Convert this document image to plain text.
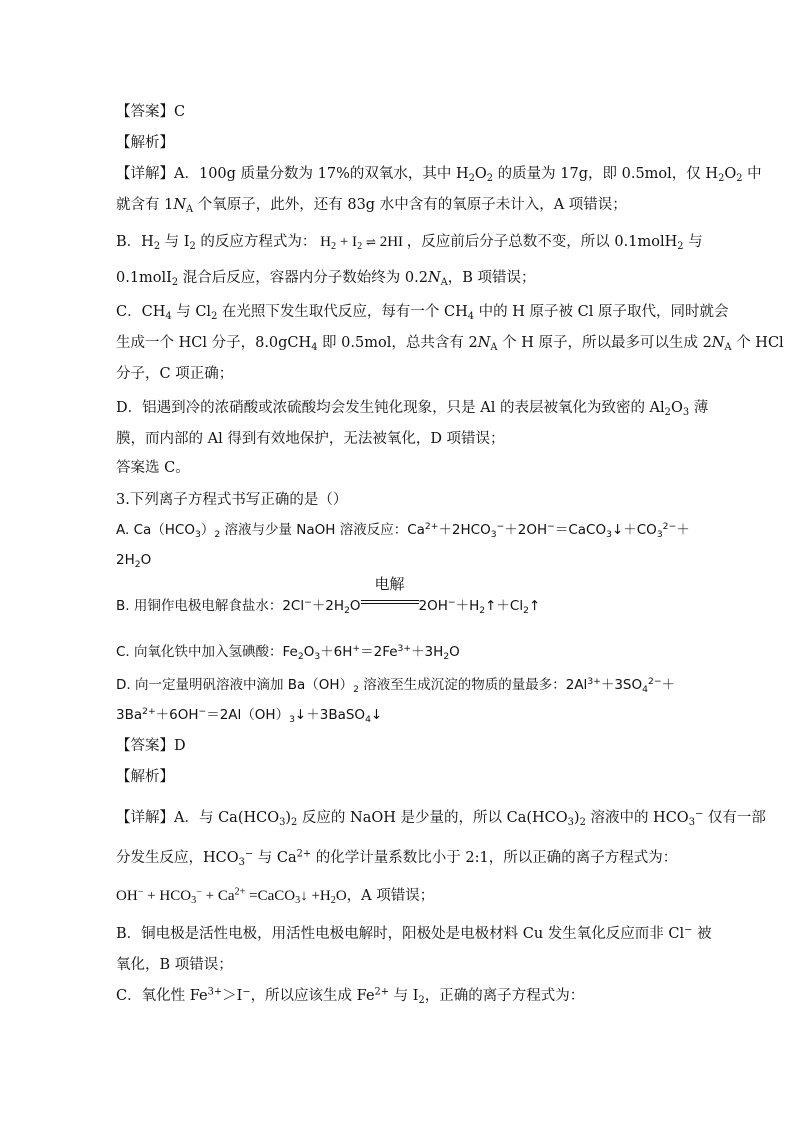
【答案】C
【解析】
【详解】A．100g 质量分数为 17%的双氧水，其中 $H_2O_2$ 的质量为 17g，即 0.5mol，仅 $H_2O_2$ 中
就含有 $1N_A$ 个氧原子，此外，还有 83g 水中含有的氧原子未计入，A 项错误；
B．$H_2$ 与 $I_2$ 的反应方程式为： $H_2 + I_2$ ⇌ 2HI ，反应前后分子总数不变，所以 0.1molH$_2$ 与
0.1molI$_2$ 混合后反应，容器内分子数始终为 $0.2N_A$，B 项错误；
C．$CH_4$ 与 $Cl_2$ 在光照下发生取代反应，每有一个 $CH_4$ 中的 H 原子被 Cl 原子取代，同时就会
生成一个 HCl 分子，8.0gCH$_4$ 即 0.5mol，总共含有 $2N_A$ 个 H 原子，所以最多可以生成 $2N_A$ 个 HCl
分子，C 项正确；
D．铝遇到冷的浓硝酸或浓硫酸均会发生钝化现象，只是 Al 的表层被氧化为致密的 $Al_2O_3$ 薄
膜，而内部的 Al 得到有效地保护，无法被氧化，D 项错误；
答案选 C。
3.下列离子方程式书写正确的是（）
A. $Ca(HCO_3)_2$ 溶液与少量 NaOH 溶液反应：$Ca^{2+}+2HCO_3^-+2OH^-=CaCO_3↓+CO_3^{2-}+$
$2H_2O$
B. 用铜作电极电解食盐水：$2Cl^-+2H_2O$
电解
$2OH^-+H_2↑+Cl_2↑$
C. 向氧化铁中加入氢碘酸：$Fe_2O_3+6H^+=2Fe^{3+}+3H_2O$
D. 向一定量明矾溶液中滴加 $Ba(OH)_2$ 溶液至生成沉淀的物质的量最多：$2Al^{3+}+3SO_4^{2-}+$
$3Ba^{2+}+6OH^-=2Al(OH)_3↓+3BaSO_4↓$
【答案】D
【解析】
【详解】A．与 $Ca(HCO_3)_2$ 反应的 NaOH 是少量的，所以 $Ca(HCO_3)_2$ 溶液中的 $HCO_3^-$ 仅有一部
分发生反应，$HCO_3^-$ 与 $Ca^{2+}$ 的化学计量系数比小于 2:1，所以正确的离子方程式为：
$OH^- + HCO_3^- + Ca^{2+}$ =CaCO$_3$↓ $+H_2O$，A 项错误；
B．铜电极是活性电极，用活性电极电解时，阳极处是电极材料 Cu 发生氧化反应而非 Cl− 被
氧化，B 项错误；
C．氧化性 $Fe^{3+}>I^-$，所以应该生成 $Fe^{2+}$ 与 $I_2$，正确的离子方程式为：
